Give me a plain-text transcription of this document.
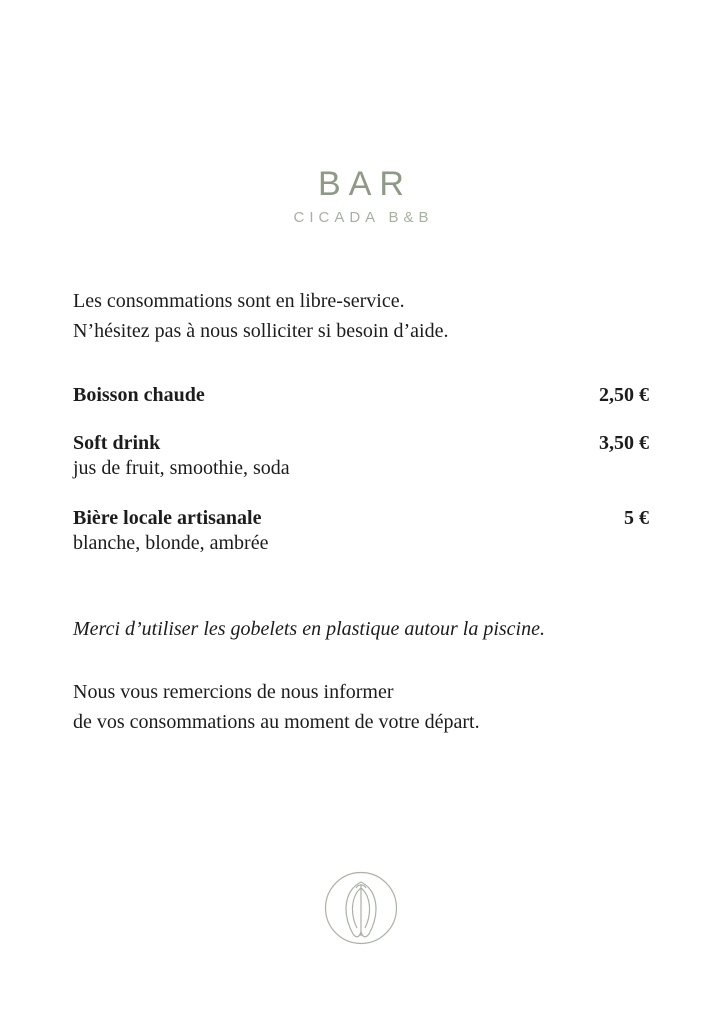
BAR
CICADA B&B
Les consommations sont en libre-service.
N’hésitez pas à nous solliciter si besoin d’aide.
Boisson chaude	2,50 €
Soft drink	3,50 €
jus de fruit, smoothie, soda
Bière locale artisanale	5 €
blanche, blonde, ambrée
Merci d’utiliser les gobelets en plastique autour la piscine.
Nous vous remercions de nous informer
de vos consommations au moment de votre départ.
